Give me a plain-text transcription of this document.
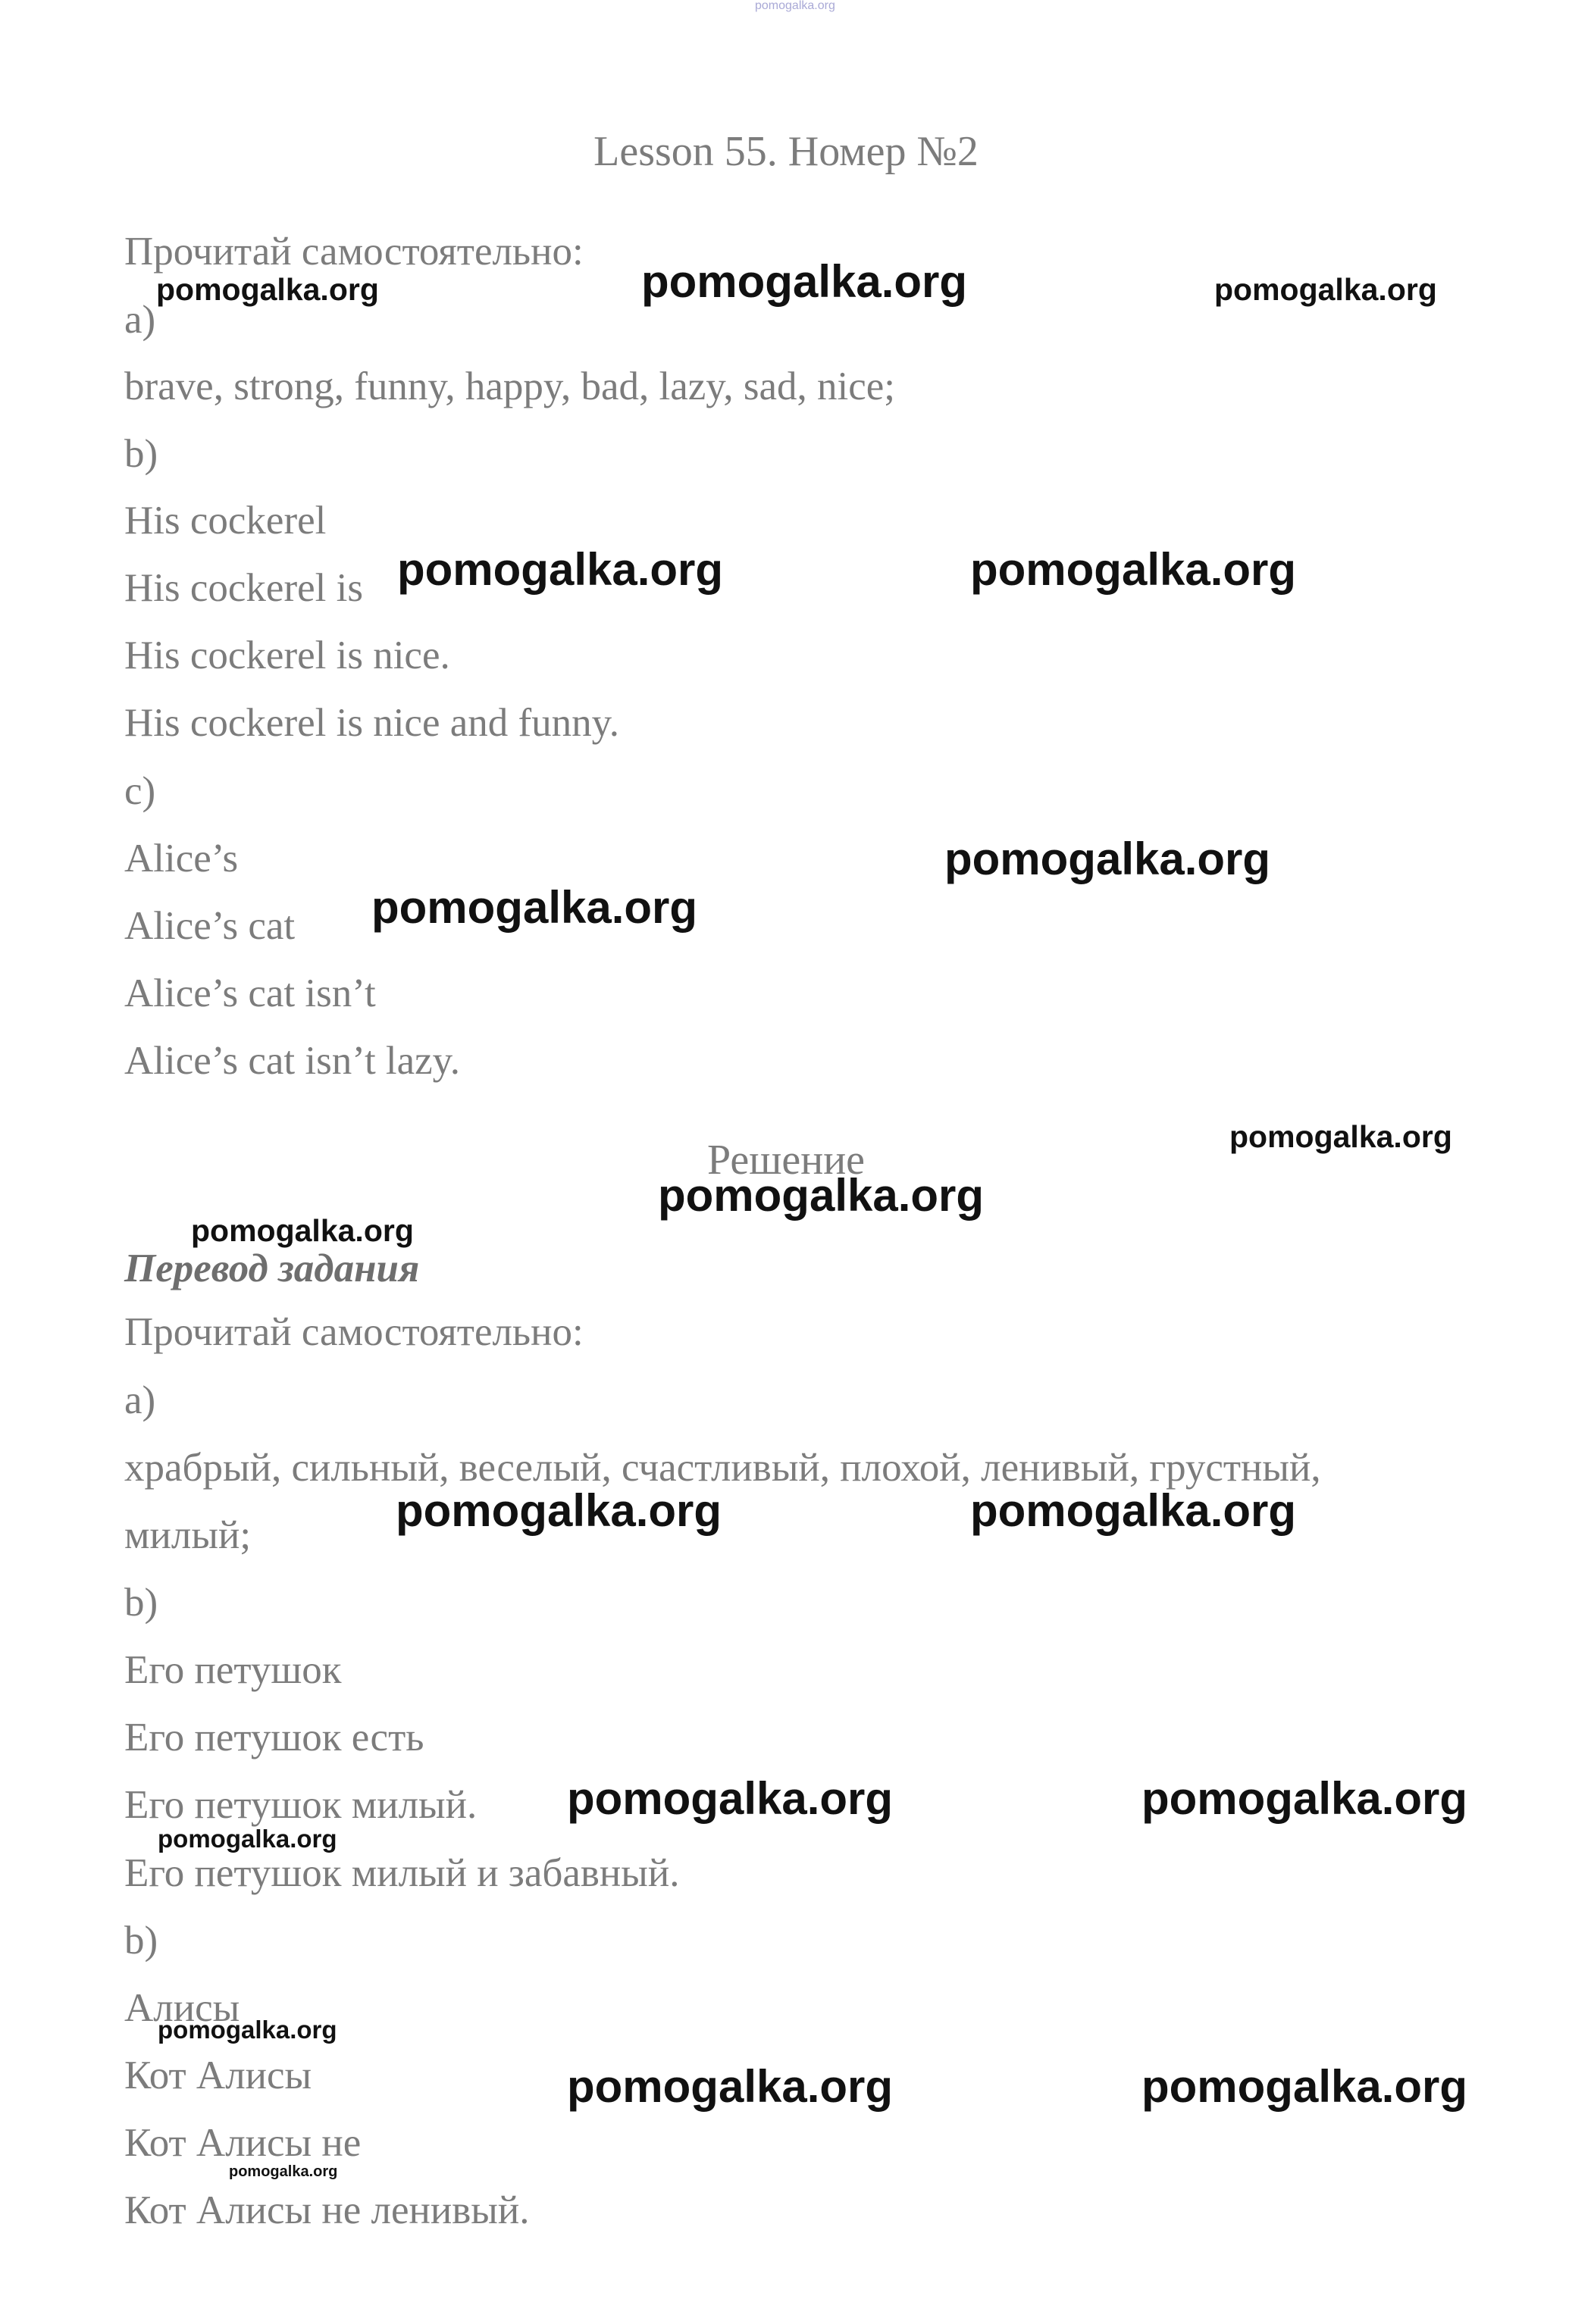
pomogalka.org
Lesson 55. Номер №2
Прочитай самостоятельно:
a)
brave, strong, funny, happy, bad, lazy, sad, nice;
b)
His cockerel
His cockerel is
His cockerel is nice.
His cockerel is nice and funny.
c)
Alice’s
Alice’s cat
Alice’s cat isn’t
Alice’s cat isn’t lazy.
Решение
Перевод задания
Прочитай самостоятельно:
a)
храбрый, сильный, веселый, счастливый, плохой, ленивый, грустный,
милый;
b)
Его петушок
Его петушок есть
Его петушок милый.
Его петушок милый и забавный.
b)
Алисы
Кот Алисы
Кот Алисы не
Кот Алисы не ленивый.
pomogalka.org	pomogalka.org	pomogalka.org
pomogalka.org	pomogalka.org
pomogalka.org
pomogalka.org
pomogalka.org
pomogalka.org
pomogalka.org
pomogalka.org	pomogalka.org
pomogalka.org	pomogalka.org
pomogalka.org
pomogalka.org
pomogalka.org	pomogalka.org
pomogalka.org
